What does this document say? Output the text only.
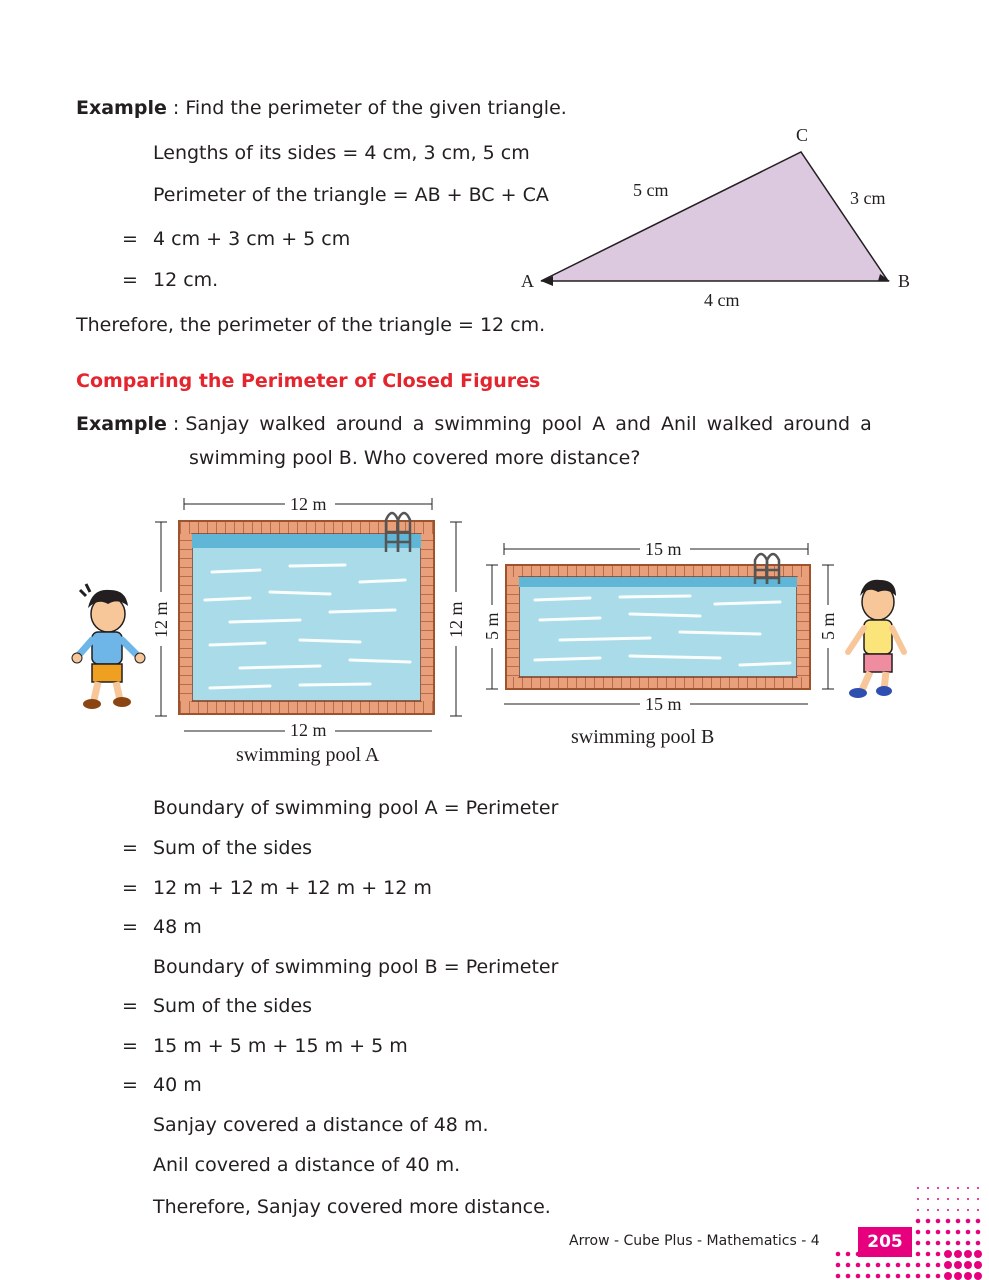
Example : Find the perimeter of the given triangle.
Lengths of its sides = 4 cm, 3 cm, 5 cm
Perimeter of the triangle = AB + BC + CA
= 4 cm + 3 cm + 5 cm
= 12 cm.
Therefore, the perimeter of the triangle = 12 cm.
A	B
C
4 cm
3 cm
5 cm
Comparing the Perimeter of Closed Figures
Example : Sanjay walked around a swimming pool A and Anil walked around a
swimming pool B. Who covered more distance?
12 m
12 m
12 m	12 m
15 m
15 m
5 m	5 m
swimming pool A
swimming pool B
Boundary of swimming pool A = Perimeter
= Sum of the sides
= 12 m + 12 m + 12 m + 12 m
= 48 m
Boundary of swimming pool B = Perimeter
= Sum of the sides
= 15 m + 5 m + 15 m + 5 m
= 40 m
Sanjay covered a distance of 48 m.
Anil covered a distance of 40 m.
Therefore, Sanjay covered more distance.
Arrow - Cube Plus - Mathematics - 4	205
